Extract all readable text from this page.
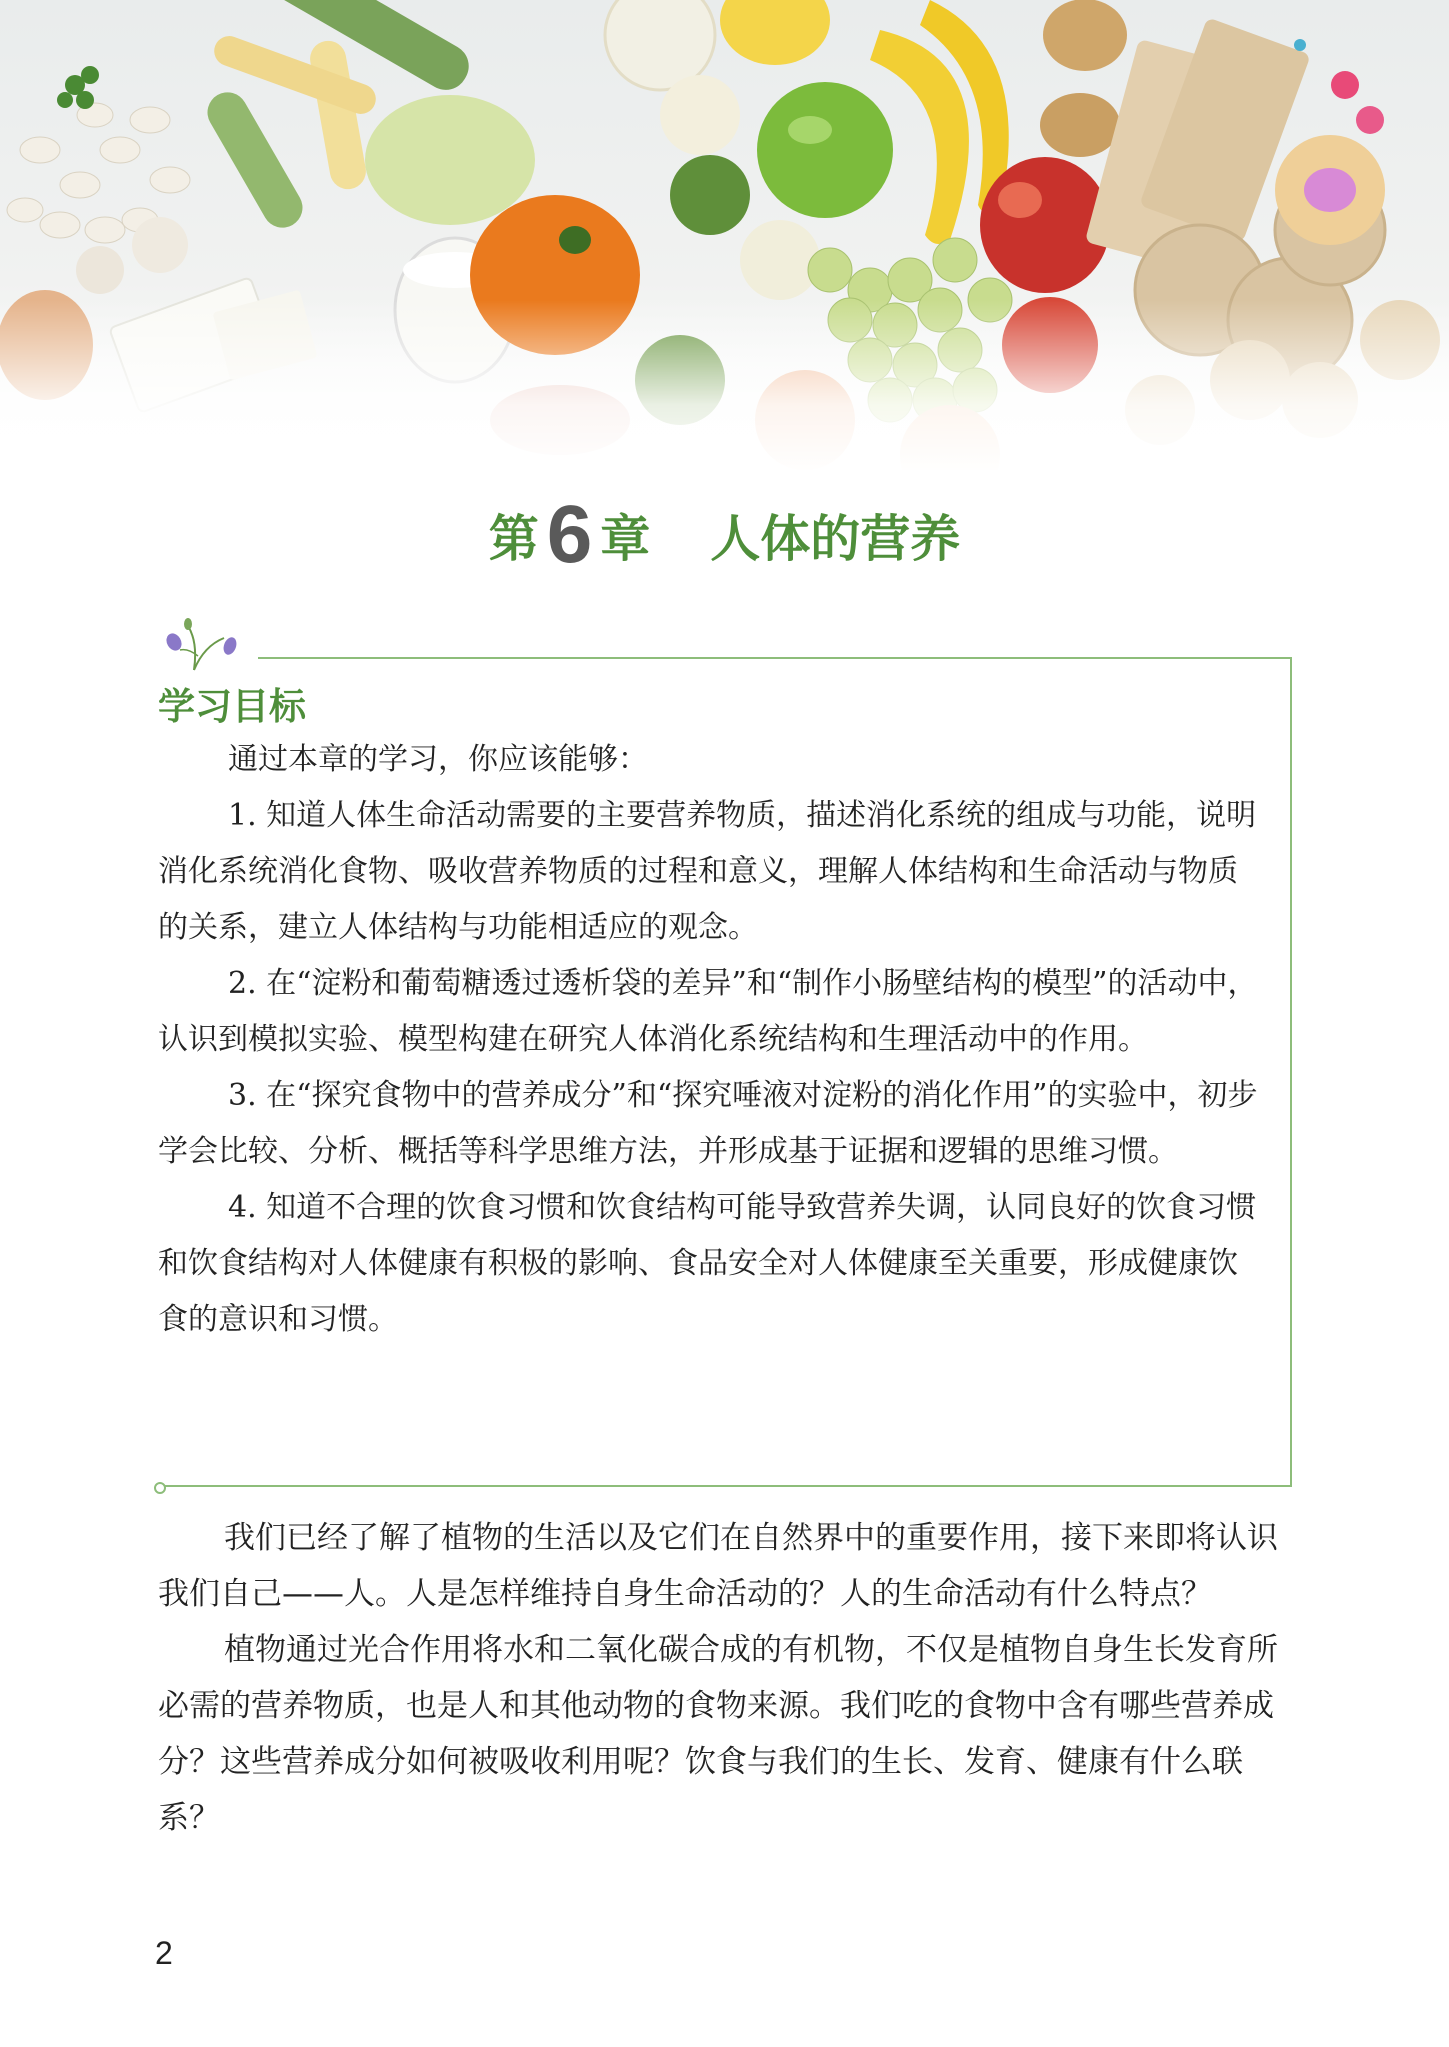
第6 章 人体的营养
学习目标

通过本章的学习，你应该能够：

1. 知道人体生命活动需要的主要营养物质，描述消化系统的组成与功能，说明消化系统消化食物、吸收营养物质的过程和意义，理解人体结构和生命活动与物质的关系，建立人体结构与功能相适应的观念。

2. 在“淀粉和葡萄糖透过透析袋的差异”和“制作小肠壁结构的模型”的活动中，认识到模拟实验、模型构建在研究人体消化系统结构和生理活动中的作用。

3. 在“探究食物中的营养成分”和“探究唾液对淀粉的消化作用”的实验中，初步学会比较、分析、概括等科学思维方法，并形成基于证据和逻辑的思维习惯。

4. 知道不合理的饮食习惯和饮食结构可能导致营养失调，认同良好的饮食习惯和饮食结构对人体健康有积极的影响、食品安全对人体健康至关重要，形成健康饮食的意识和习惯。

我们已经了解了植物的生活以及它们在自然界中的重要作用，接下来即将认识我们自己——人。人是怎样维持自身生命活动的？人的生命活动有什么特点？

植物通过光合作用将水和二氧化碳合成的有机物，不仅是植物自身生长发育所必需的营养物质，也是人和其他动物的食物来源。我们吃的食物中含有哪些营养成分？这些营养成分如何被吸收利用呢？饮食与我们的生长、发育、健康有什么联系？

2
